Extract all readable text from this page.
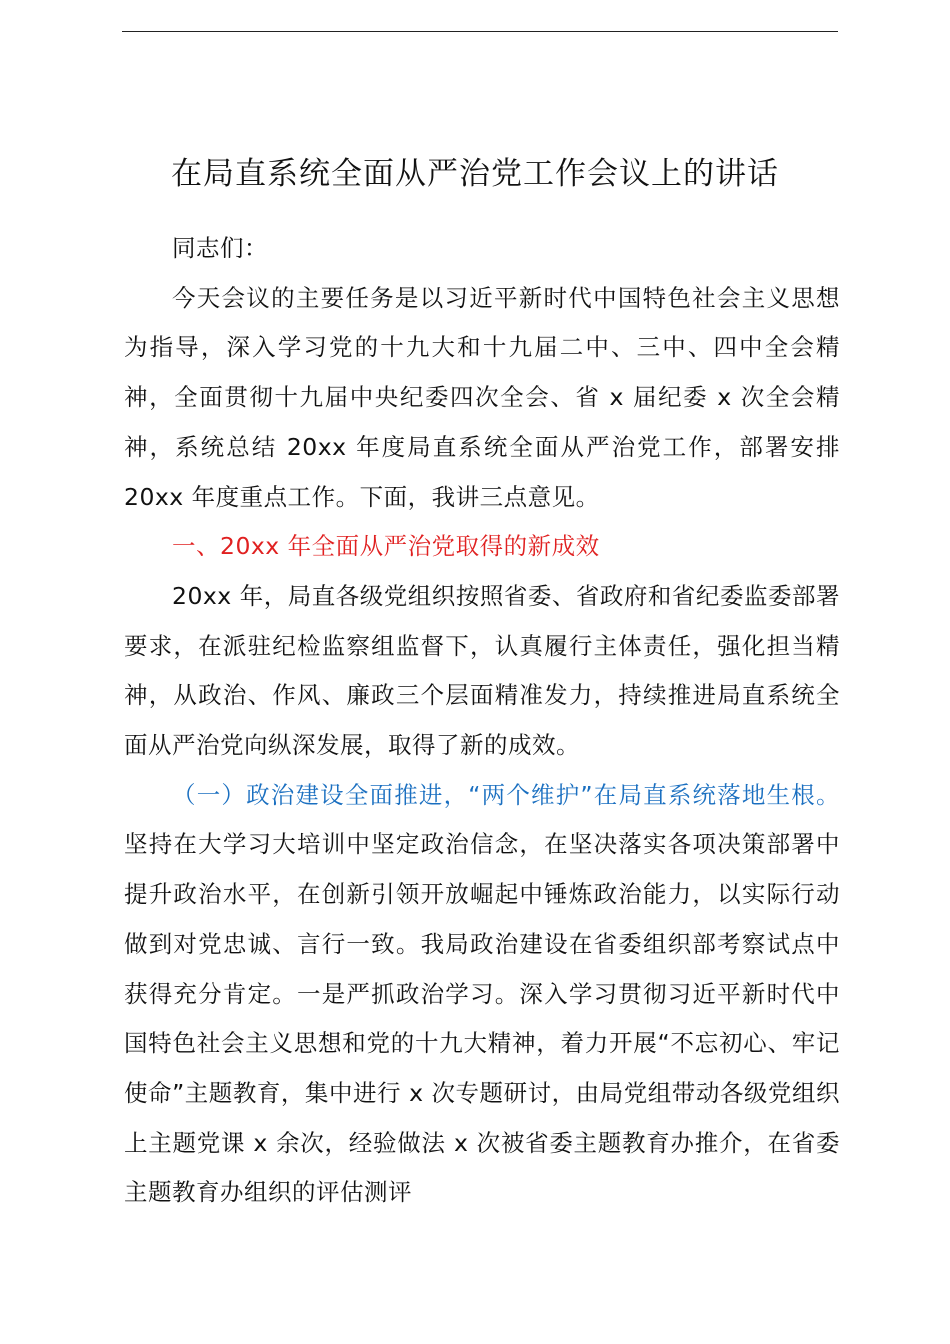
在局直系统全面从严治党工作会议上的讲话

同志们：

今天会议的主要任务是以习近平新时代中国特色社会主义思想为指导，深入学习党的十九大和十九届二中、三中、四中全会精神，全面贯彻十九届中央纪委四次全会、省 x 届纪委 x 次全会精神，系统总结 20xx 年度局直系统全面从严治党工作，部署安排 20xx 年度重点工作。下面，我讲三点意见。

一、20xx 年全面从严治党取得的新成效

20xx 年，局直各级党组织按照省委、省政府和省纪委监委部署要求，在派驻纪检监察组监督下，认真履行主体责任，强化担当精神，从政治、作风、廉政三个层面精准发力，持续推进局直系统全面从严治党向纵深发展，取得了新的成效。

（一）政治建设全面推进，“两个维护”在局直系统落地生根。坚持在大学习大培训中坚定政治信念，在坚决落实各项决策部署中提升政治水平，在创新引领开放崛起中锤炼政治能力，以实际行动做到对党忠诚、言行一致。我局政治建设在省委组织部考察试点中获得充分肯定。一是严抓政治学习。深入学习贯彻习近平新时代中国特色社会主义思想和党的十九大精神，着力开展“不忘初心、牢记使命”主题教育，集中进行 x 次专题研讨，由局党组带动各级党组织上主题党课 x 余次，经验做法 x 次被省委主题教育办推介，在省委主题教育办组织的评估测评
